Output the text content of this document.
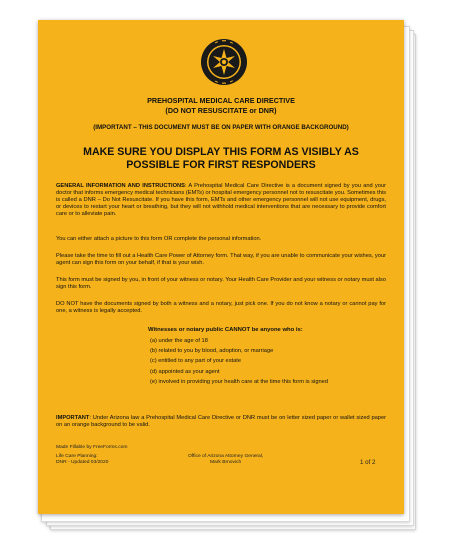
PREHOSPITAL MEDICAL CARE DIRECTIVE

(DO NOT RESUSCITATE or DNR)

(IMPORTANT – THIS DOCUMENT MUST BE ON PAPER WITH ORANGE BACKGROUND)

MAKE SURE YOU DISPLAY THIS FORM AS VISIBLY AS
POSSIBLE FOR FIRST RESPONDERS

GENERAL INFORMATION AND INSTRUCTIONS: A Prehospital Medical Care Directive is a document signed by you and your doctor that informs emergency medical technicians (EMTs) or hospital emergency personnel not to resuscitate you. Sometimes this is called a DNR – Do Not Resuscitate. If you have this form, EMTs and other emergency personnel will not use equipment, drugs, or devices to restart your heart or breathing, but they will not withhold medical interventions that are necessary to provide comfort care or to alleviate pain.

You can either attach a picture to this form OR complete the personal information.

Please take the time to fill out a Health Care Power of Attorney form. That way, if you are unable to communicate your wishes, your agent can sign this form on your behalf, if that is your wish.

This form must be signed by you, in front of your witness or notary. Your Health Care Provider and your witness or notary must also sign this form.

DO NOT have the documents signed by both a witness and a notary, just pick one. If you do not know a notary or cannot pay for one, a witness is legally accepted.

Witnesses or notary public CANNOT be anyone who is:

(a) under the age of 18
(b) related to you by blood, adoption, or marriage
(c) entitled to any part of your estate
(d) appointed as your agent
(e) involved in providing your health care at the time this form is signed

IMPORTANT: Under Arizona law a Prehospital Medical Care Directive or DNR must be on letter sized paper or wallet sized paper on an orange background to be valid.

Made Fillable by FreeForms.com

Life Care Planning:
DNR - Updated 03/2020
Office of Arizona Attorney General,
Mark Brnovich	1 of 2
